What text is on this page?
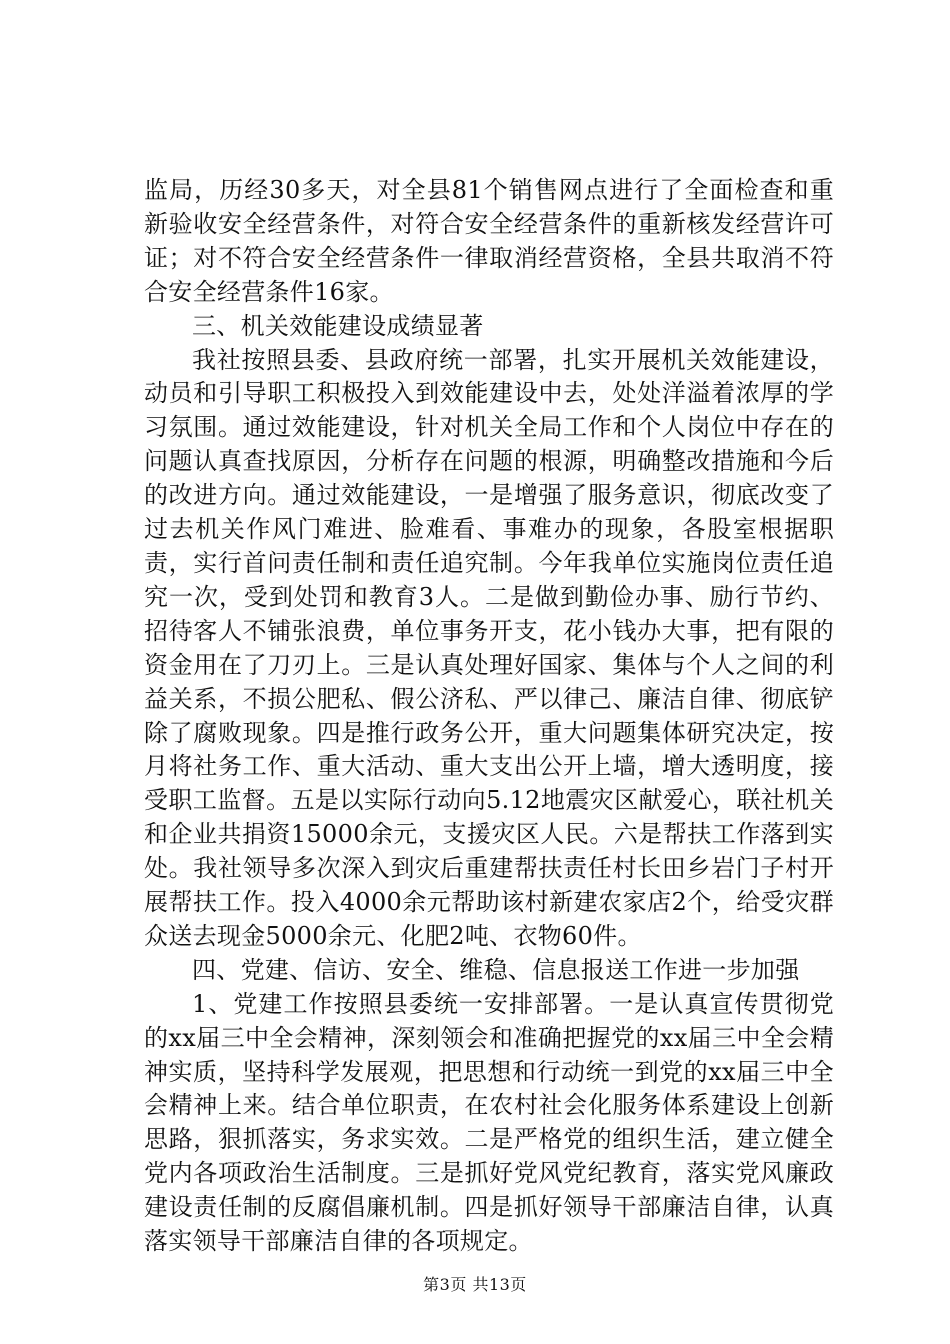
监局，历经30多天，对全县81个销售网点进行了全面检查和重新验收安全经营条件，对符合安全经营条件的重新核发经营许可证；对不符合安全经营条件一律取消经营资格，全县共取消不符合安全经营条件16家。

三、机关效能建设成绩显著

我社按照县委、县政府统一部署，扎实开展机关效能建设，动员和引导职工积极投入到效能建设中去，处处洋溢着浓厚的学习氛围。通过效能建设，针对机关全局工作和个人岗位中存在的问题认真查找原因，分析存在问题的根源，明确整改措施和今后的改进方向。通过效能建设，一是增强了服务意识，彻底改变了过去机关作风门难进、脸难看、事难办的现象，各股室根据职责，实行首问责任制和责任追究制。今年我单位实施岗位责任追究一次，受到处罚和教育3人。二是做到勤俭办事、励行节约、招待客人不铺张浪费，单位事务开支，花小钱办大事，把有限的资金用在了刀刃上。三是认真处理好国家、集体与个人之间的利益关系，不损公肥私、假公济私、严以律己、廉洁自律、彻底铲除了腐败现象。四是推行政务公开，重大问题集体研究决定，按月将社务工作、重大活动、重大支出公开上墙，增大透明度，接受职工监督。五是以实际行动向5.12地震灾区献爱心，联社机关和企业共捐资15000余元，支援灾区人民。六是帮扶工作落到实处。我社领导多次深入到灾后重建帮扶责任村长田乡岩门子村开展帮扶工作。投入4000余元帮助该村新建农家店2个，给受灾群众送去现金5000余元、化肥2吨、衣物60件。

四、党建、信访、安全、维稳、信息报送工作进一步加强

1、党建工作按照县委统一安排部署。一是认真宣传贯彻党的xx届三中全会精神，深刻领会和准确把握党的xx届三中全会精神实质，坚持科学发展观，把思想和行动统一到党的xx届三中全会精神上来。结合单位职责，在农村社会化服务体系建设上创新思路，狠抓落实，务求实效。二是严格党的组织生活，建立健全党内各项政治生活制度。三是抓好党风党纪教育，落实党风廉政建设责任制的反腐倡廉机制。四是抓好领导干部廉洁自律，认真落实领导干部廉洁自律的各项规定。

第3页 共13页
